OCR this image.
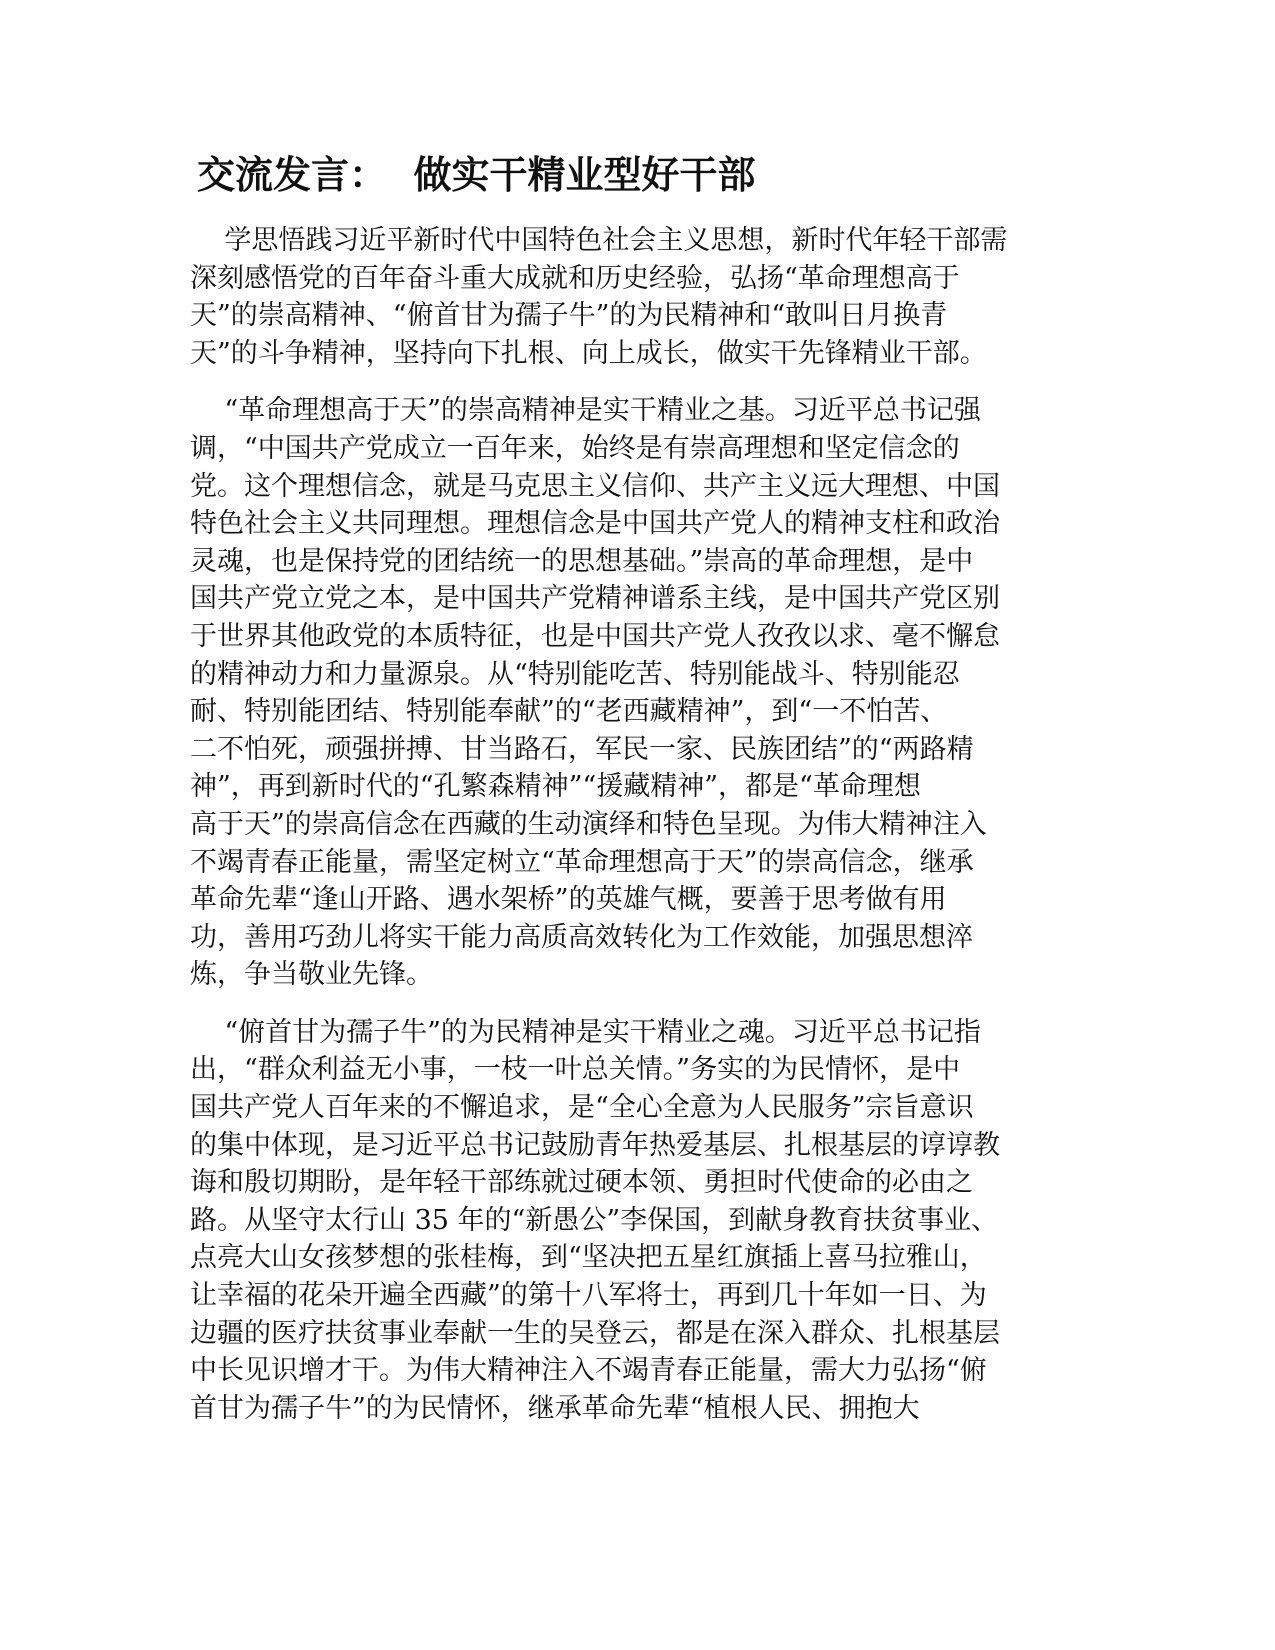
交流发言：  做实干精业型好干部

学思悟践习近平新时代中国特色社会主义思想，新时代年轻干部需
深刻感悟党的百年奋斗重大成就和历史经验，弘扬“革命理想高于
天”的崇高精神、“俯首甘为孺子牛”的为民精神和“敢叫日月换青
天”的斗争精神，坚持向下扎根、向上成长，做实干先锋精业干部。

“革命理想高于天”的崇高精神是实干精业之基。习近平总书记强
调，“中国共产党成立一百年来，始终是有崇高理想和坚定信念的
党。这个理想信念，就是马克思主义信仰、共产主义远大理想、中国
特色社会主义共同理想。理想信念是中国共产党人的精神支柱和政治
灵魂，也是保持党的团结统一的思想基础。”崇高的革命理想，是中
国共产党立党之本，是中国共产党精神谱系主线，是中国共产党区别
于世界其他政党的本质特征，也是中国共产党人孜孜以求、毫不懈怠
的精神动力和力量源泉。从“特别能吃苦、特别能战斗、特别能忍
耐、特别能团结、特别能奉献”的“老西藏精神”，到“一不怕苦、
二不怕死，顽强拼搏、甘当路石，军民一家、民族团结”的“两路精
神”，再到新时代的“孔繁森精神”“援藏精神”，都是“革命理想
高于天”的崇高信念在西藏的生动演绎和特色呈现。为伟大精神注入
不竭青春正能量，需坚定树立“革命理想高于天”的崇高信念，继承
革命先辈“逢山开路、遇水架桥”的英雄气概，要善于思考做有用
功，善用巧劲儿将实干能力高质高效转化为工作效能，加强思想淬
炼，争当敬业先锋。

“俯首甘为孺子牛”的为民精神是实干精业之魂。习近平总书记指
出，“群众利益无小事，一枝一叶总关情。”务实的为民情怀，是中
国共产党人百年来的不懈追求，是“全心全意为人民服务”宗旨意识
的集中体现，是习近平总书记鼓励青年热爱基层、扎根基层的谆谆教
诲和殷切期盼，是年轻干部练就过硬本领、勇担时代使命的必由之
路。从坚守太行山 35 年的“新愚公”李保国，到献身教育扶贫事业、
点亮大山女孩梦想的张桂梅，到“坚决把五星红旗插上喜马拉雅山，
让幸福的花朵开遍全西藏”的第十八军将士，再到几十年如一日、为
边疆的医疗扶贫事业奉献一生的吴登云，都是在深入群众、扎根基层
中长见识增才干。为伟大精神注入不竭青春正能量，需大力弘扬“俯
首甘为孺子牛”的为民情怀，继承革命先辈“植根人民、拥抱大
